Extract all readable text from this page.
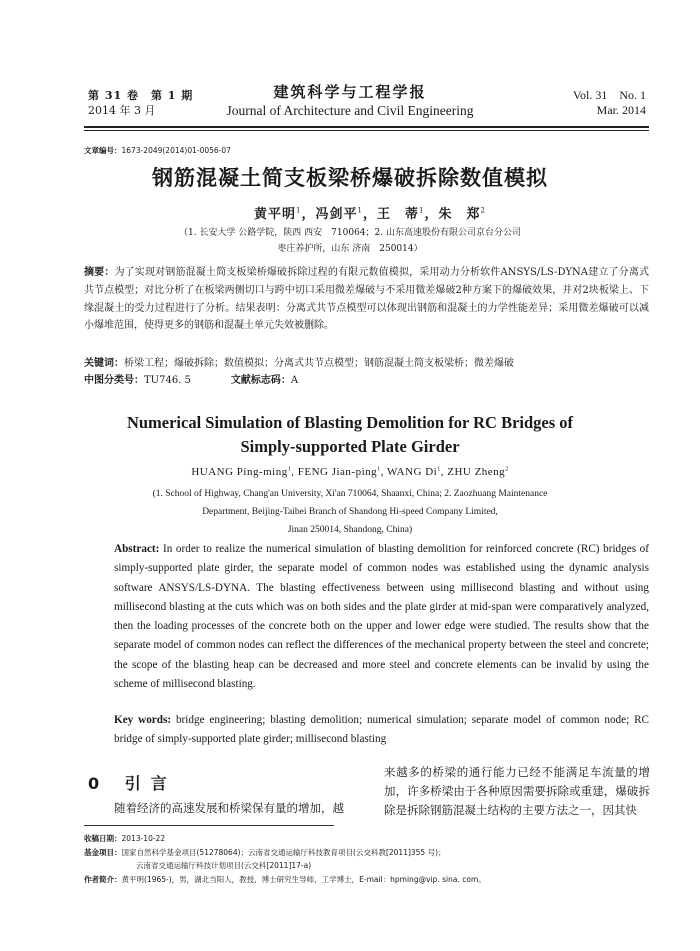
第 31 卷　第 1 期
2014 年 3 月
建筑科学与工程学报
Journal of Architecture and Civil Engineering
Vol. 31　No. 1
Mar. 2014
文章编号：1673-2049(2014)01-0056-07
钢筋混凝土简支板梁桥爆破拆除数值模拟
黄平明$^1$，冯剑平$^1$，王　蒂$^1$，朱　郑$^2$
（1. 长安大学 公路学院，陕西 西安　710064；2. 山东高速股份有限公司京台分公司
枣庄养护所，山东 济南　250014）
摘要：为了实现对钢筋混凝土简支板梁桥爆破拆除过程的有限元数值模拟，采用动力分析软件ANSYS/LS-DYNA建立了分离式共节点模型；对比分析了在板梁两侧切口与跨中切口采用微差爆破与不采用微差爆破2种方案下的爆破效果，并对2块板梁上、下缘混凝土的受力过程进行了分析。结果表明：分离式共节点模型可以体现出钢筋和混凝土的力学性能差异；采用微差爆破可以减小爆堆范围，使得更多的钢筋和混凝土单元失效被删除。
关键词：桥梁工程；爆破拆除；数值模拟；分离式共节点模型；钢筋混凝土简支板梁桥；微差爆破
中图分类号：TU746. 5	文献标志码：A
Numerical Simulation of Blasting Demolition for RC Bridges of
Simply-supported Plate Girder
HUANG Ping-ming$^1$, FENG Jian-ping$^1$, WANG Di$^1$, ZHU Zheng$^2$
(1. School of Highway, Chang'an University, Xi'an 710064, Shaanxi, China; 2. Zaozhuang Maintenance
Department, Beijing-Taibei Branch of Shandong Hi-speed Company Limited,
Jinan 250014, Shandong, China)
Abstract: In order to realize the numerical simulation of blasting demolition for reinforced concrete (RC) bridges of simply-supported plate girder, the separate model of common nodes was established using the dynamic analysis software ANSYS/LS-DYNA. The blasting effectiveness between using millisecond blasting and without using millisecond blasting at the cuts which was on both sides and the plate girder at mid-span were comparatively analyzed, then the loading processes of the concrete both on the upper and lower edge were studied. The results show that the separate model of common nodes can reflect the differences of the mechanical property between the steel and concrete; the scope of the blasting heap can be decreased and more steel and concrete elements can be invalid by using the scheme of millisecond blasting.
Key words: bridge engineering; blasting demolition; numerical simulation; separate model of common node; RC bridge of simply-supported plate girder; millisecond blasting
0 引言
随着经济的高速发展和桥梁保有量的增加，越
来越多的桥梁的通行能力已经不能满足车流量的增加，许多桥梁由于各种原因需要拆除或重建，爆破拆除是拆除钢筋混凝土结构的主要方法之一，因其快
收稿日期：2013-10-22
基金项目：国家自然科学基金项目(51278064)；云南省交通运输厅科技教育项目(云交科教[2011]355 号)；
云南省交通运输厅科技计划项目(云交科[2011]17-a)
作者简介：黄平明(1965-)，男，湖北当阳人，教授，博士研究生导师，工学博士，E-mail：hpming@vip. sina. com。
